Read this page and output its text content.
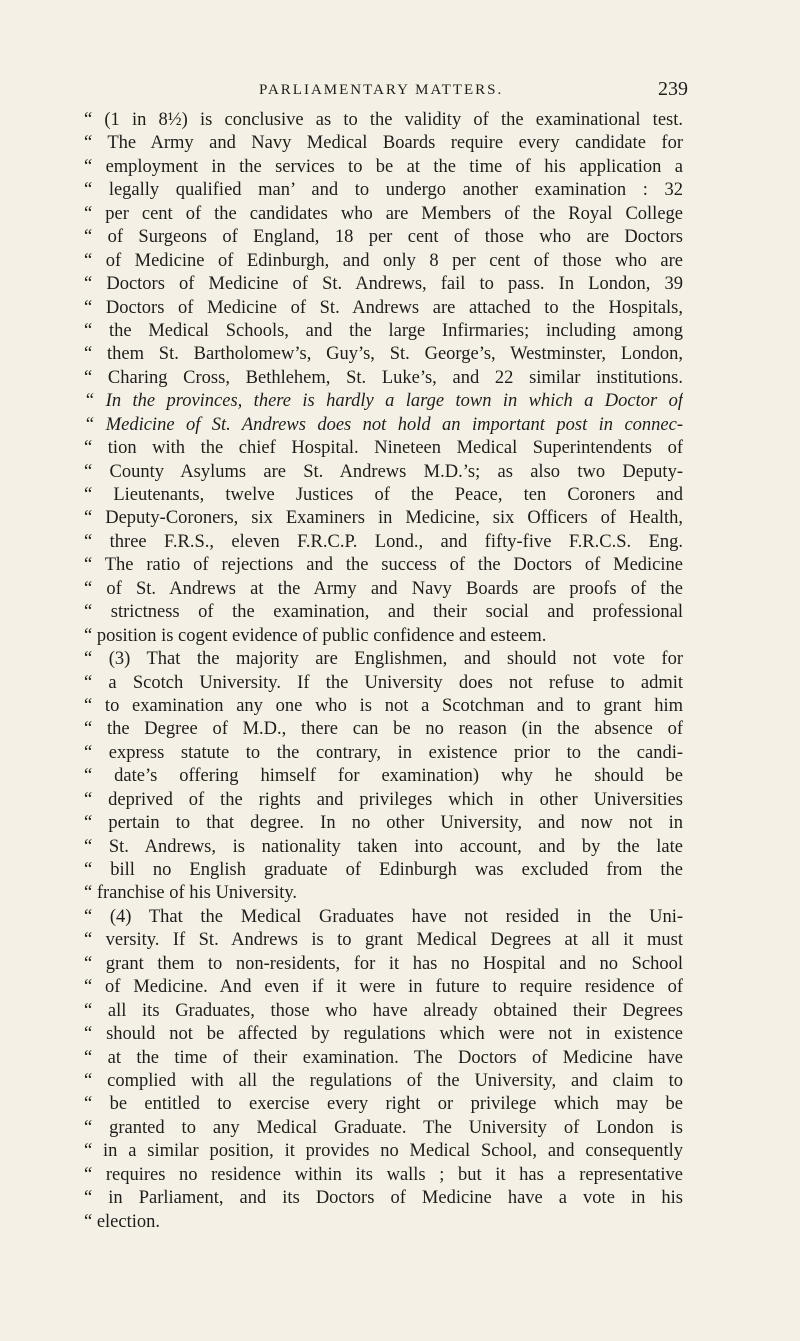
PARLIAMENTARY MATTERS.	239
“ (1 in 8½) is conclusive as to the validity of the examinational test.
“ The Army and Navy Medical Boards require every candidate for
“ employment in the services to be at the time of his application a
“ legally qualified man’ and to undergo another examination : 32
“ per cent of the candidates who are Members of the Royal College
“ of Surgeons of England, 18 per cent of those who are Doctors
“ of Medicine of Edinburgh, and only 8 per cent of those who are
“ Doctors of Medicine of St. Andrews, fail to pass. In London, 39
“ Doctors of Medicine of St. Andrews are attached to the Hospitals,
“ the Medical Schools, and the large Infirmaries; including among
“ them St. Bartholomew’s, Guy’s, St. George’s, Westminster, London,
“ Charing Cross, Bethlehem, St. Luke’s, and 22 similar institutions.
“ In the provinces, there is hardly a large town in which a Doctor of
“ Medicine of St. Andrews does not hold an important post in connec-
“ tion with the chief Hospital. Nineteen Medical Superintendents of
“ County Asylums are St. Andrews M.D.’s; as also two Deputy-
“ Lieutenants, twelve Justices of the Peace, ten Coroners and
“ Deputy-Coroners, six Examiners in Medicine, six Officers of Health,
“ three F.R.S., eleven F.R.C.P. Lond., and fifty-five F.R.C.S. Eng.
“ The ratio of rejections and the success of the Doctors of Medicine
“ of St. Andrews at the Army and Navy Boards are proofs of the
“ strictness of the examination, and their social and professional
“ position is cogent evidence of public confidence and esteem.
“ (3) That the majority are Englishmen, and should not vote for
“ a Scotch University. If the University does not refuse to admit
“ to examination any one who is not a Scotchman and to grant him
“ the Degree of M.D., there can be no reason (in the absence of
“ express statute to the contrary, in existence prior to the candi-
“ date’s offering himself for examination) why he should be
“ deprived of the rights and privileges which in other Universities
“ pertain to that degree. In no other University, and now not in
“ St. Andrews, is nationality taken into account, and by the late
“ bill no English graduate of Edinburgh was excluded from the
“ franchise of his University.
“ (4) That the Medical Graduates have not resided in the Uni-
“ versity. If St. Andrews is to grant Medical Degrees at all it must
“ grant them to non-residents, for it has no Hospital and no School
“ of Medicine. And even if it were in future to require residence of
“ all its Graduates, those who have already obtained their Degrees
“ should not be affected by regulations which were not in existence
“ at the time of their examination. The Doctors of Medicine have
“ complied with all the regulations of the University, and claim to
“ be entitled to exercise every right or privilege which may be
“ granted to any Medical Graduate. The University of London is
“ in a similar position, it provides no Medical School, and consequently
“ requires no residence within its walls ; but it has a representative
“ in Parliament, and its Doctors of Medicine have a vote in his
“ election.
